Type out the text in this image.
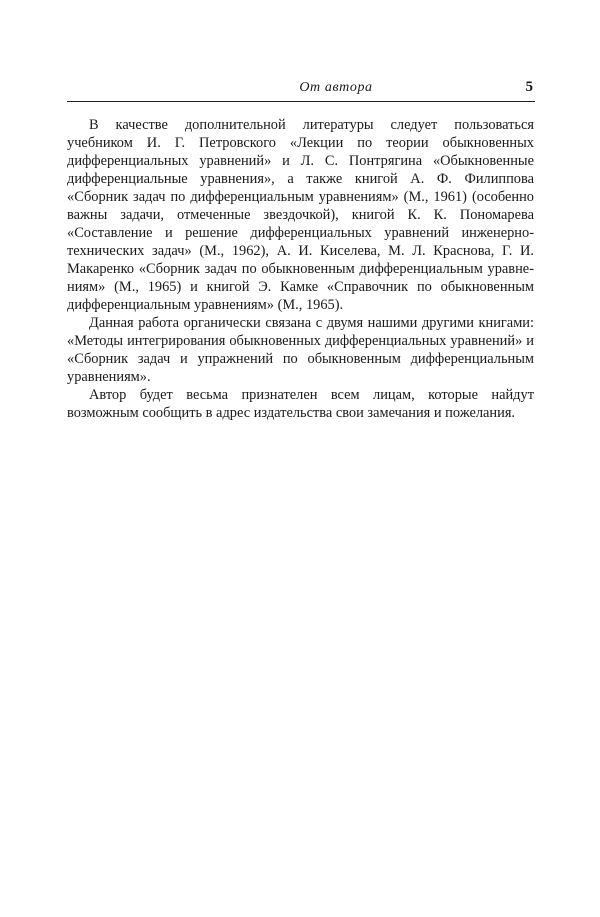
От автора	5

В качестве дополнительной литературы следует пользоваться учебником И. Г. Петровского «Лекции по теории обыкновенных дифференциальных уравнений» и Л. С. Понтрягина «Обыкновенные дифференциальные уравнения», а также книгой А. Ф. Филиппова «Сборник задач по дифференциальным уравнениям» (М., 1961) (особенно важны задачи, отмеченные звездочкой), книгой К. К. Пономарева «Составление и решение дифференциальных уравнений инженерно-технических задач» (М., 1962), А. И. Киселева, М. Л. Краснова, Г. И. Макаренко «Сборник задач по обыкновенным дифференциальным уравнениям» (М., 1965) и книгой Э. Камке «Справочник по обыкновенным дифференциальным уравнениям» (М., 1965).

Данная работа органически связана с двумя нашими другими книгами: «Методы интегрирования обыкновенных дифференциальных уравнений» и «Сборник задач и упражнений по обыкновенным дифференциальным уравнениям».

Автор будет весьма признателен всем лицам, которые найдут возможным сообщить в адрес издательства свои замечания и пожелания.
